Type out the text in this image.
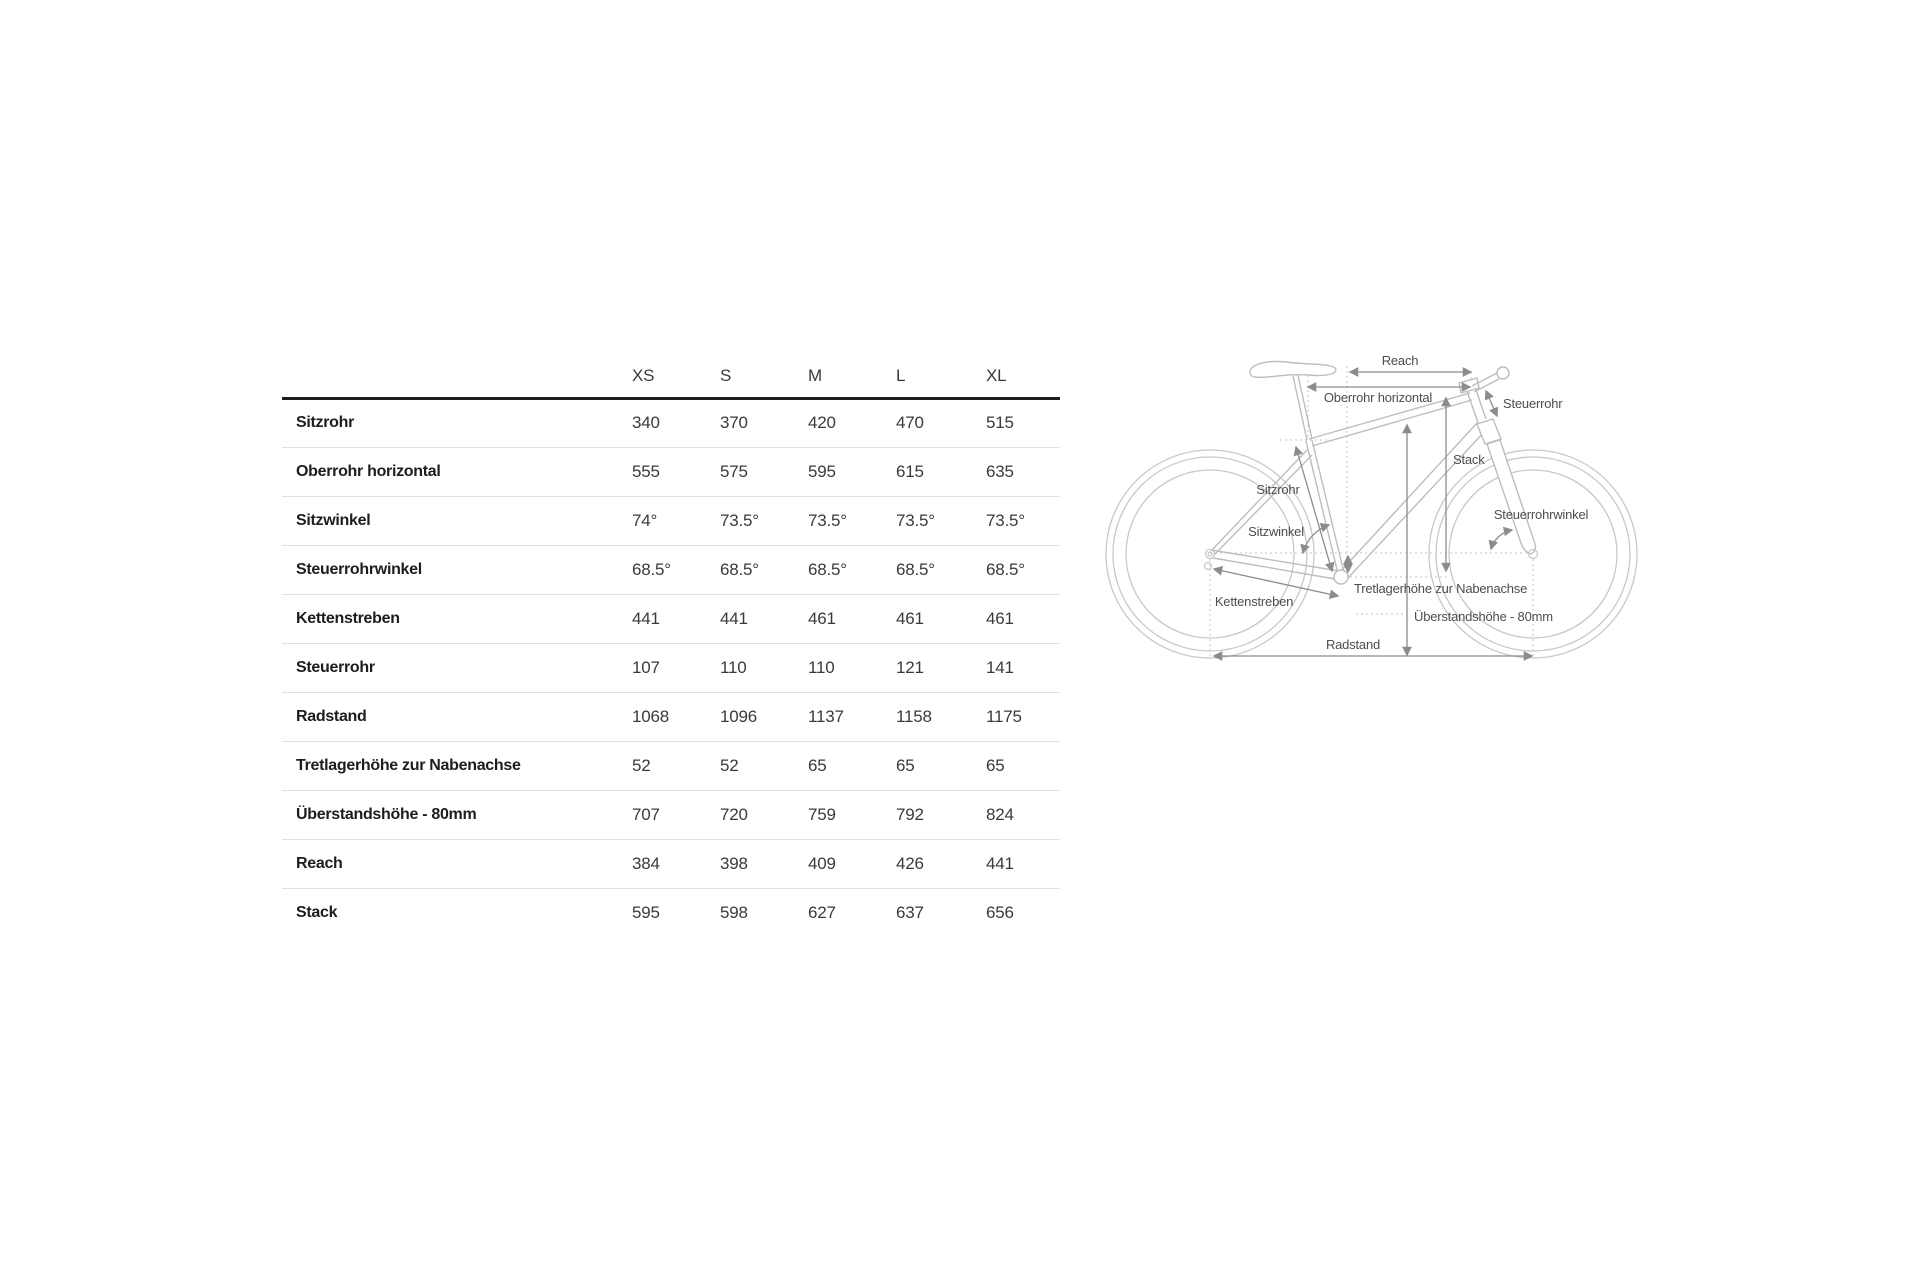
	XS	S	M	L	XL
Sitzrohr	340	370	420	470	515
Oberrohr horizontal	555	575	595	615	635
Sitzwinkel	74°	73.5°	73.5°	73.5°	73.5°
Steuerrohrwinkel	68.5°	68.5°	68.5°	68.5°	68.5°
Kettenstreben	441	441	461	461	461
Steuerrohr	107	110	110	121	141
Radstand	1068	1096	1137	1158	1175
Tretlagerhöhe zur Nabenachse	52	52	65	65	65
Überstandshöhe - 80mm	707	720	759	792	824
Reach	384	398	409	426	441
Stack	595	598	627	637	656
Reach
Oberrohr horizontal	Steuerrohr
Stack
Sitzrohr
Sitzwinkel
Steuerrohrwinkel
Tretlagerhöhe zur Nabenachse
Überstandshöhe - 80mm
Kettenstreben
Radstand
